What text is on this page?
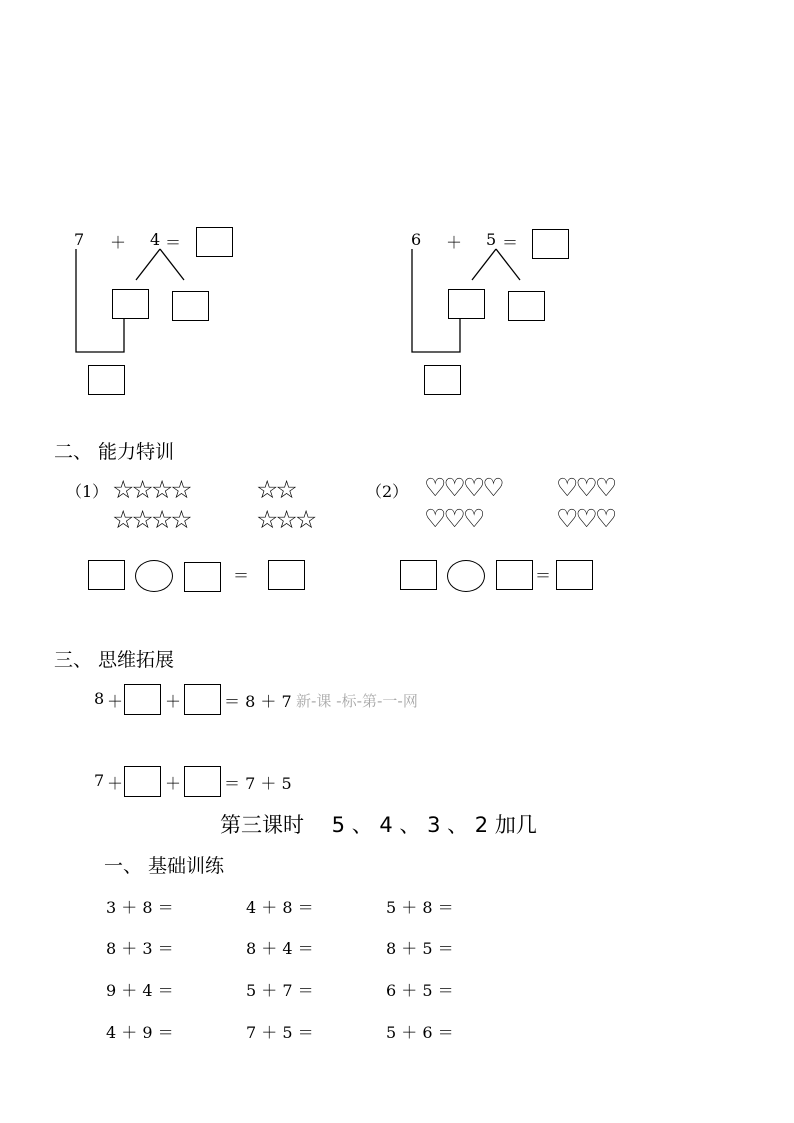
7 ＋ 4 ＝	6 ＋ 5 ＝
二、 能力特训
（1） ☆☆☆☆	☆☆
☆☆☆☆	☆☆☆
（2） ♡♡♡♡ ♡♡♡
♡♡♡	♡♡♡
＝	＝
三、 思维拓展
8 ＋	＋	＝ 8 ＋ 7 新-课 -标-第-一-网
7 ＋	＋	＝ 7 ＋ 5
第三课时　 5 、 4 、 3 、 2 加几
一、 基础训练
3 ＋ 8 ＝	4 ＋ 8 ＝	5 ＋ 8 ＝
8 ＋ 3 ＝	8 ＋ 4 ＝	8 ＋ 5 ＝
9 ＋ 4 ＝	5 ＋ 7 ＝	6 ＋ 5 ＝
4 ＋ 9 ＝	7 ＋ 5 ＝	5 ＋ 6 ＝
